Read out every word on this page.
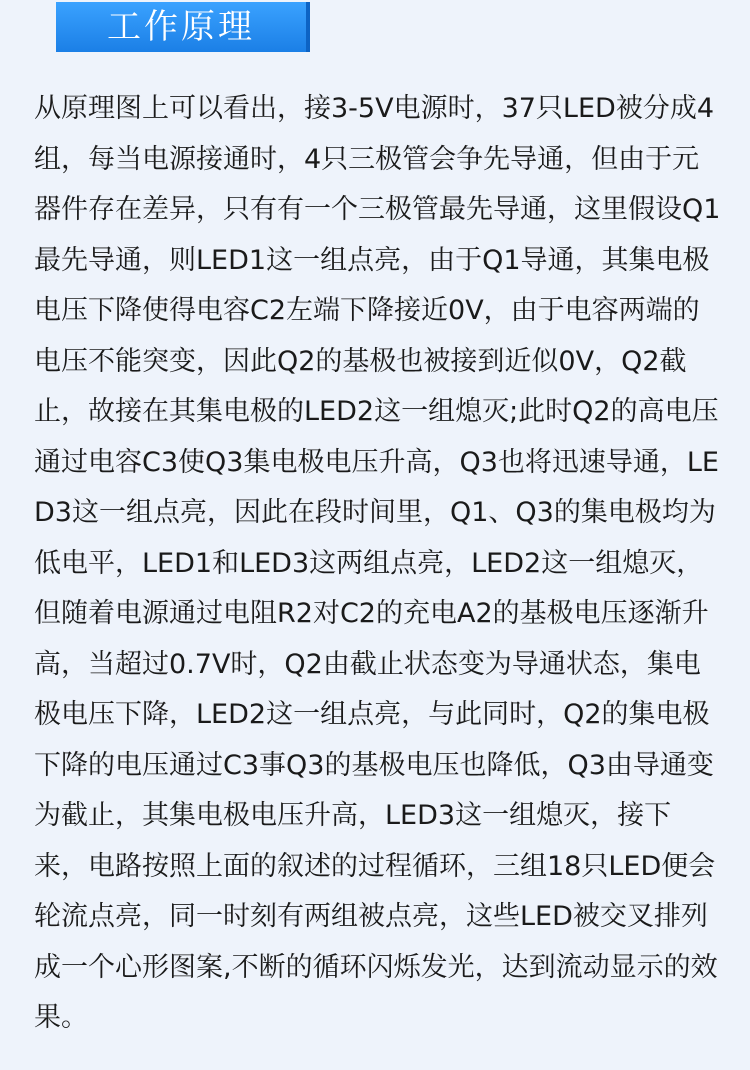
工作原理

从原理图上可以看出，接3-5V电源时，37只LED被分成4组，每当电源接通时，4只三极管会争先导通，但由于元器件存在差异，只有有一个三极管最先导通，这里假设Q1最先导通，则LED1这一组点亮，由于Q1导通，其集电极电压下降使得电容C2左端下降接近0V，由于电容两端的电压不能突变，因此Q2的基极也被接到近似0V，Q2截止，故接在其集电极的LED2这一组熄灭;此时Q2的高电压通过电容C3使Q3集电极电压升高，Q3也将迅速导通，LED3这一组点亮，因此在段时间里，Q1、Q3的集电极均为低电平，LED1和LED3这两组点亮，LED2这一组熄灭，但随着电源通过电阻R2对C2的充电A2的基极电压逐渐升高，当超过0.7V时，Q2由截止状态变为导通状态，集电极电压下降，LED2这一组点亮，与此同时，Q2的集电极下降的电压通过C3事Q3的基极电压也降低，Q3由导通变为截止，其集电极电压升高，LED3这一组熄灭，接下来，电路按照上面的叙述的过程循环，三组18只LED便会轮流点亮，同一时刻有两组被点亮，这些LED被交叉排列成一个心形图案,不断的循环闪烁发光，达到流动显示的效果。
